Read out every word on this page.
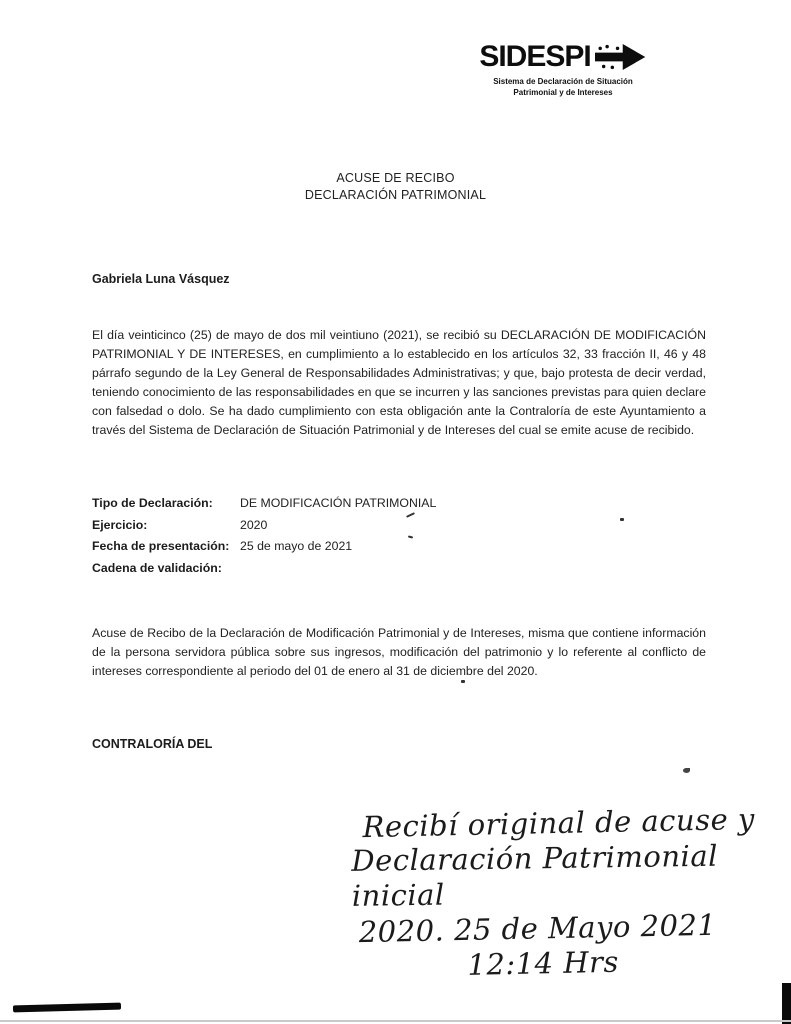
SIDESPI
Sistema de Declaración de Situación
Patrimonial y de Intereses
ACUSE DE RECIBO
DECLARACIÓN PATRIMONIAL
Gabriela Luna Vásquez
El día veinticinco (25) de mayo de dos mil veintiuno (2021), se recibió su DECLARACIÓN DE MODIFICACIÓN PATRIMONIAL Y DE INTERESES, en cumplimiento a lo establecido en los artículos 32, 33 fracción II, 46 y 48 párrafo segundo de la Ley General de Responsabilidades Administrativas; y que, bajo protesta de decir verdad, teniendo conocimiento de las responsabilidades en que se incurren y las sanciones previstas para quien declare con falsedad o dolo. Se ha dado cumplimiento con esta obligación ante la Contraloría de este Ayuntamiento a través del Sistema de Declaración de Situación Patrimonial y de Intereses del cual se emite acuse de recibido.
Tipo de Declaración:	DE MODIFICACIÓN PATRIMONIAL
Ejercicio:	2020
Fecha de presentación: 25 de mayo de 2021
Cadena de validación:
Acuse de Recibo de la Declaración de Modificación Patrimonial y de Intereses, misma que contiene información de la persona servidora pública sobre sus ingresos, modificación del patrimonio y lo referente al conflicto de intereses correspondiente al periodo del 01 de enero al 31 de diciembre del 2020.
CONTRALORÍA DEL
Recibí original de acuse y
Declaración Patrimonial inicial
2020. 25 de Mayo 2021
12:14 Hrs
